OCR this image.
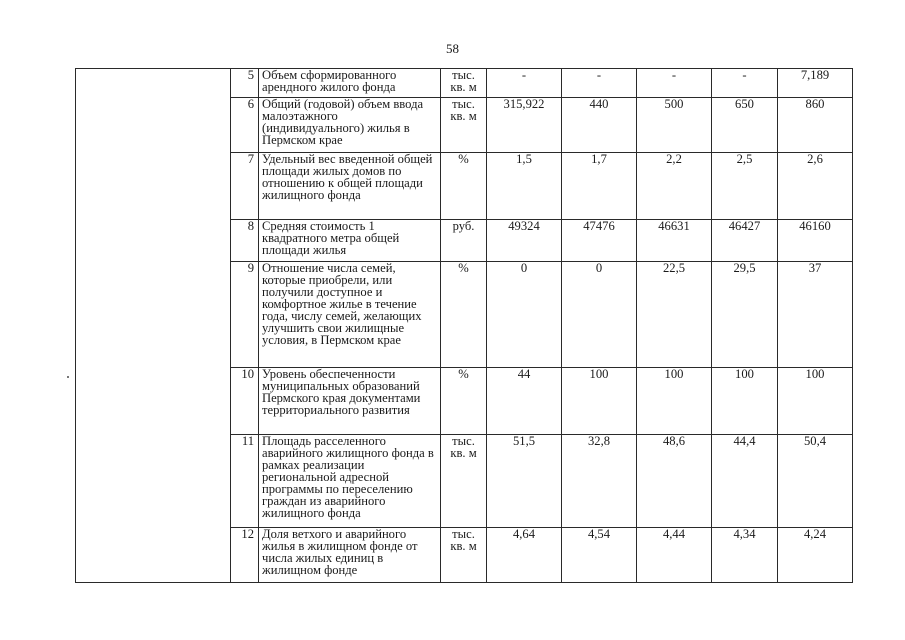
58
	5	Объем сформированного арендного жилого фонда	тыс. кв. м	-	-	-	-	7,189
	6	Общий (годовой) объем ввода малоэтажного (индивидуального) жилья в Пермском крае	тыс. кв. м	315,922	440	500	650	860
	7	Удельный вес введенной общей площади жилых домов по отношению к общей площади жилищного фонда	%	1,5	1,7	2,2	2,5	2,6
	8	Средняя стоимость 1 квадратного метра общей площади жилья	руб.	49324	47476	46631	46427	46160
	9	Отношение числа семей, которые приобрели, или получили доступное и комфортное жилье в течение года, числу семей, желающих улучшить свои жилищные условия, в Пермском крае	%	0	0	22,5	29,5	37
	10	Уровень обеспеченности муниципальных образований Пермского края документами территориального развития	%	44	100	100	100	100
	11	Площадь расселенного аварийного жилищного фонда в рамках реализации региональной адресной программы по переселению граждан из аварийного жилищного фонда	тыс. кв. м	51,5	32,8	48,6	44,4	50,4
	12	Доля ветхого и аварийного жилья в жилищном фонде от числа жилых единиц в жилищном фонде	тыс. кв. м	4,64	4,54	4,44	4,34	4,24
